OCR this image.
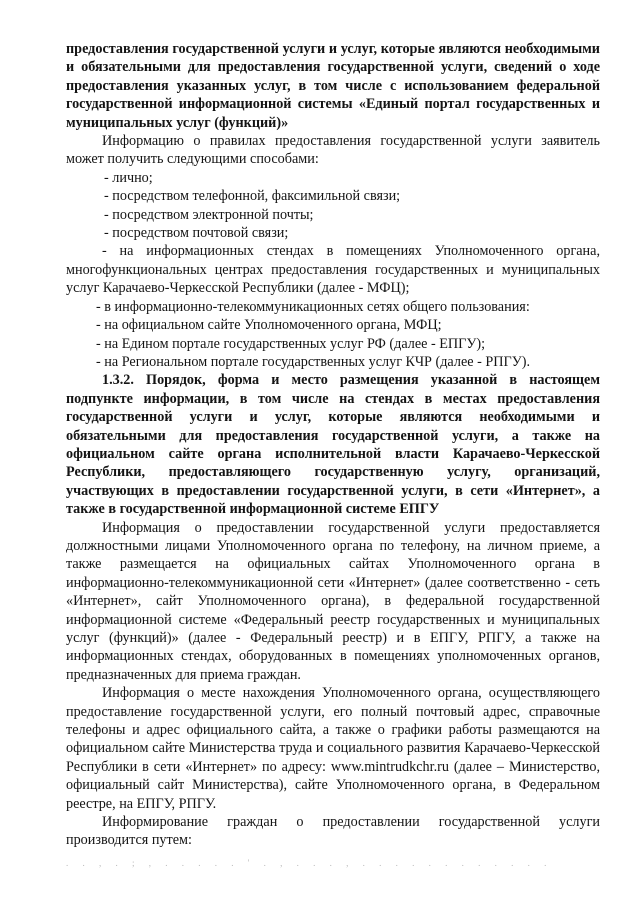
предоставления государственной услуги и услуг, которые являются необходимыми и обязательными для предоставления государственной услуги, сведений о ходе предоставления указанных услуг, в том числе с использованием федеральной государственной информационной системы «Единый портал государственных и муниципальных услуг (функций)»

Информацию о правилах предоставления государственной услуги заявитель может получить следующими способами:

- лично;

- посредством телефонной, факсимильной связи;

- посредством электронной почты;

- посредством почтовой связи;

- на информационных стендах в помещениях Уполномоченного органа, многофункциональных центрах предоставления государственных и муниципальных услуг Карачаево-Черкесской Республики (далее - МФЦ);

- в информационно-телекоммуникационных сетях общего пользования:

- на официальном сайте Уполномоченного органа, МФЦ;

- на Едином портале государственных услуг РФ (далее - ЕПГУ);

- на Региональном портале государственных услуг КЧР (далее - РПГУ).

1.3.2. Порядок, форма и место размещения указанной в настоящем подпункте информации, в том числе на стендах в местах предоставления государственной услуги и услуг, которые являются необходимыми и обязательными для предоставления государственной услуги, а также на официальном сайте органа исполнительной власти Карачаево-Черкесской Республики, предоставляющего государственную услугу, организаций, участвующих в предоставлении государственной услуги, в сети «Интернет», а также в государственной информационной системе ЕПГУ

Информация о предоставлении государственной услуги предоставляется должностными лицами Уполномоченного органа по телефону, на личном приеме, а также размещается на официальных сайтах Уполномоченного органа в информационно-телекоммуникационной сети «Интернет» (далее соответственно - сеть «Интернет», сайт Уполномоченного органа), в федеральной государственной информационной системе «Федеральный реестр государственных и муниципальных услуг (функций)» (далее - Федеральный реестр) и в ЕПГУ, РПГУ, а также на информационных стендах, оборудованных в помещениях уполномоченных органов, предназначенных для приема граждан.

Информация о месте нахождения Уполномоченного органа, осуществляющего предоставление государственной услуги, его полный почтовый адрес, справочные телефоны и адрес официального сайта, а также о графики работы размещаются на официальном сайте Министерства труда и социального развития Карачаево-Черкесской Республики в сети «Интернет» по адресу: www.mintrudkchr.ru (далее – Министерство, официальный сайт Министерства), сайте Уполномоченного органа, в Федеральном реестре, на ЕПГУ, РПГУ.

Информирование граждан о предоставлении государственной услуги производится путем:

. . , . ; , . . . . . ' . , . . . , . . . . . . . . . . . .
